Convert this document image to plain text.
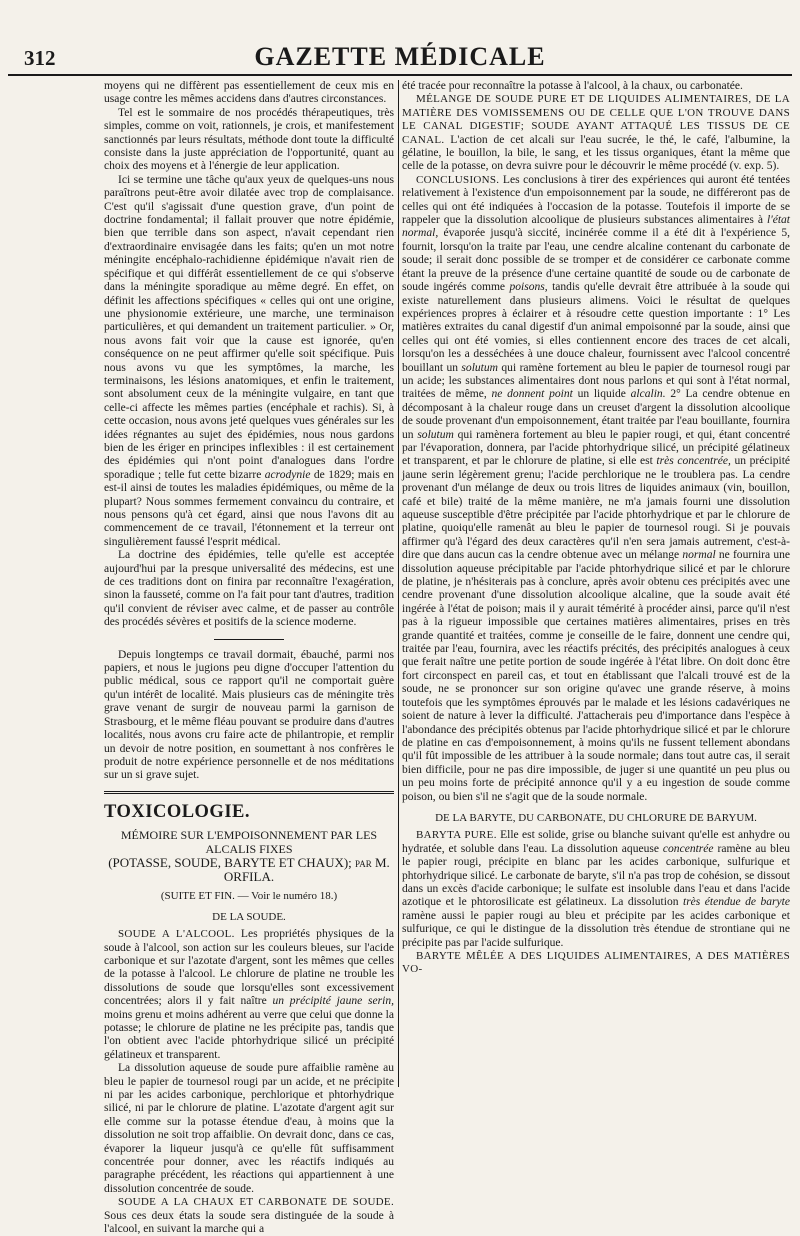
312	GAZETTE MÉDICALE

moyens qui ne diffèrent pas essentiellement de ceux mis en usage contre les mêmes accidens dans d'autres circonstances.

Tel est le sommaire de nos procédés thérapeutiques, très simples, comme on voit, rationnels, je crois, et manifestement sanctionnés par leurs résultats, méthode dont toute la difficulté consiste dans la juste appréciation de l'opportunité, quant au choix des moyens et à l'énergie de leur application.

Ici se termine une tâche qu'aux yeux de quelques-uns nous paraîtrons peut-être avoir dilatée avec trop de complaisance. C'est qu'il s'agissait d'une question grave, d'un point de doctrine fondamental; il fallait prouver que notre épidémie, bien que terrible dans son aspect, n'avait cependant rien d'extraordinaire envisagée dans les faits; qu'en un mot notre méningite encéphalo-rachidienne épidémique n'avait rien de spécifique et qui différât essentiellement de ce qui s'observe dans la méningite sporadique au même degré. En effet, on définit les affections spécifiques « celles qui ont une origine, une physionomie extérieure, une marche, une terminaison particulières, et qui demandent un traitement particulier. » Or, nous avons fait voir que la cause est ignorée, qu'en conséquence on ne peut affirmer qu'elle soit spécifique. Puis nous avons vu que les symptômes, la marche, les terminaisons, les lésions anatomiques, et enfin le traitement, sont absolument ceux de la méningite vulgaire, en tant que celle-ci affecte les mêmes parties (encéphale et rachis). Si, à cette occasion, nous avons jeté quelques vues générales sur les idées régnantes au sujet des épidémies, nous nous gardons bien de les ériger en principes inflexibles : il est certainement des épidémies qui n'ont point d'analogues dans l'ordre sporadique ; telle fut cette bizarre acrodynie de 1829; mais en est-il ainsi de toutes les maladies épidémiques, ou même de la plupart? Nous sommes fermement convaincu du contraire, et nous pensons qu'à cet égard, ainsi que nous l'avons dit au commencement de ce travail, l'étonnement et la terreur ont singulièrement faussé l'esprit médical.

La doctrine des épidémies, telle qu'elle est acceptée aujourd'hui par la presque universalité des médecins, est une de ces traditions dont on finira par reconnaître l'exagération, sinon la fausseté, comme on l'a fait pour tant d'autres, tradition qu'il convient de réviser avec calme, et de passer au contrôle des procédés sévères et positifs de la science moderne.

Depuis longtemps ce travail dormait, ébauché, parmi nos papiers, et nous le jugions peu digne d'occuper l'attention du public médical, sous ce rapport qu'il ne comportait guère qu'un intérêt de localité. Mais plusieurs cas de méningite très grave venant de surgir de nouveau parmi la garnison de Strasbourg, et le même fléau pouvant se produire dans d'autres localités, nous avons cru faire acte de philantropie, et remplir un devoir de notre position, en soumettant à nos confrères le produit de notre expérience personnelle et de nos méditations sur un si grave sujet.

TOXICOLOGIE.
MÉMOIRE SUR L'EMPOISONNEMENT PAR LES ALCALIS FIXES
(POTASSE, SOUDE, BARYTE ET CHAUX); par M. ORFILA.
(SUITE ET FIN. — Voir le numéro 18.)
DE LA SOUDE.

SOUDE A L'ALCOOL. Les propriétés physiques de la soude à l'alcool, son action sur les couleurs bleues, sur l'acide carbonique et sur l'azotate d'argent, sont les mêmes que celles de la potasse à l'alcool. Le chlorure de platine ne trouble les dissolutions de soude que lorsqu'elles sont excessivement concentrées; alors il y fait naître un précipité jaune serin, moins grenu et moins adhérent au verre que celui que donne la potasse; le chlorure de platine ne les précipite pas, tandis que l'on obtient avec l'acide phtorhydrique silicé un précipité gélatineux et transparent.

La dissolution aqueuse de soude pure affaiblie ramène au bleu le papier de tournesol rougi par un acide, et ne précipite ni par les acides carbonique, perchlorique et phtorhydrique silicé, ni par le chlorure de platine. L'azotate d'argent agit sur elle comme sur la potasse étendue d'eau, à moins que la dissolution ne soit trop affaiblie. On devrait donc, dans ce cas, évaporer la liqueur jusqu'à ce qu'elle fût suffisamment concentrée pour donner, avec les réactifs indiqués au paragraphe précédent, les réactions qui appartiennent à une dissolution concentrée de soude.

SOUDE A LA CHAUX ET CARBONATE DE SOUDE. Sous ces deux états la soude sera distinguée de la soude à l'alcool, en suivant la marche qui a

été tracée pour reconnaître la potasse à l'alcool, à la chaux, ou carbonatée.

MÉLANGE DE SOUDE PURE ET DE LIQUIDES ALIMENTAIRES, DE LA MATIÈRE DES VOMISSEMENS OU DE CELLE QUE L'ON TROUVE DANS LE CANAL DIGESTIF; SOUDE AYANT ATTAQUÉ LES TISSUS DE CE CANAL. L'action de cet alcali sur l'eau sucrée, le thé, le café, l'albumine, la gélatine, le bouillon, la bile, le sang, et les tissus organiques, étant la même que celle de la potasse, on devra suivre pour le découvrir le même procédé (v. exp. 5).

CONCLUSIONS. Les conclusions à tirer des expériences qui auront été tentées relativement à l'existence d'un empoisonnement par la soude, ne différeront pas de celles qui ont été indiquées à l'occasion de la potasse. Toutefois il importe de se rappeler que la dissolution alcoolique de plusieurs substances alimentaires à l'état normal, évaporée jusqu'à siccité, incinérée comme il a été dit à l'expérience 5, fournit, lorsqu'on la traite par l'eau, une cendre alcaline contenant du carbonate de soude; il serait donc possible de se tromper et de considérer ce carbonate comme étant la preuve de la présence d'une certaine quantité de soude ou de carbonate de soude ingérés comme poisons, tandis qu'elle devrait être attribuée à la soude qui existe naturellement dans plusieurs alimens. Voici le résultat de quelques expériences propres à éclairer et à résoudre cette question importante : 1° Les matières extraites du canal digestif d'un animal empoisonné par la soude, ainsi que celles qui ont été vomies, si elles contiennent encore des traces de cet alcali, lorsqu'on les a desséchées à une douce chaleur, fournissent avec l'alcool concentré bouillant un solutum qui ramène fortement au bleu le papier de tournesol rougi par un acide; les substances alimentaires dont nous parlons et qui sont à l'état normal, traitées de même, ne donnent point un liquide alcalin. 2° La cendre obtenue en décomposant à la chaleur rouge dans un creuset d'argent la dissolution alcoolique de soude provenant d'un empoisonnement, étant traitée par l'eau bouillante, fournira un solutum qui ramènera fortement au bleu le papier rougi, et qui, étant concentré par l'évaporation, donnera, par l'acide phtorhydrique silicé, un précipité gélatineux et transparent, et par le chlorure de platine, si elle est très concentrée, un précipité jaune serin légèrement grenu; l'acide perchlorique ne le troublera pas. La cendre provenant d'un mélange de deux ou trois litres de liquides animaux (vin, bouillon, café et bile) traité de la même manière, ne m'a jamais fourni une dissolution aqueuse susceptible d'être précipitée par l'acide phtorhydrique et par le chlorure de platine, quoiqu'elle ramenât au bleu le papier de tournesol rougi. Si je pouvais affirmer qu'à l'égard des deux caractères qu'il n'en sera jamais autrement, c'est-à-dire que dans aucun cas la cendre obtenue avec un mélange normal ne fournira une dissolution aqueuse précipitable par l'acide phtorhydrique silicé et par le chlorure de platine, je n'hésiterais pas à conclure, après avoir obtenu ces précipités avec une cendre provenant d'une dissolution alcoolique alcaline, que la soude avait été ingérée à l'état de poison; mais il y aurait témérité à procéder ainsi, parce qu'il n'est pas à la rigueur impossible que certaines matières alimentaires, prises en très grande quantité et traitées, comme je conseille de le faire, donnent une cendre qui, traitée par l'eau, fournira, avec les réactifs précités, des précipités analogues à ceux que ferait naître une petite portion de soude ingérée à l'état libre. On doit donc être fort circonspect en pareil cas, et tout en établissant que l'alcali trouvé est de la soude, ne se prononcer sur son origine qu'avec une grande réserve, à moins toutefois que les symptômes éprouvés par le malade et les lésions cadavériques ne soient de nature à lever la difficulté. J'attacherais peu d'importance dans l'espèce à l'abondance des précipités obtenus par l'acide phtorhydrique silicé et par le chlorure de platine en cas d'empoisonnement, à moins qu'ils ne fussent tellement abondans qu'il fût impossible de les attribuer à la soude normale; dans tout autre cas, il serait bien difficile, pour ne pas dire impossible, de juger si une quantité un peu plus ou un peu moins forte de précipité annonce qu'il y a eu ingestion de soude comme poison, ou bien s'il ne s'agit que de la soude normale.

DE LA BARYTE, DU CARBONATE, DU CHLORURE DE BARYUM.

BARYTA PURE. Elle est solide, grise ou blanche suivant qu'elle est anhydre ou hydratée, et soluble dans l'eau. La dissolution aqueuse concentrée ramène au bleu le papier rougi, précipite en blanc par les acides carbonique, sulfurique et phtorhydrique silicé. Le carbonate de baryte, s'il n'a pas trop de cohésion, se dissout dans un excès d'acide carbonique; le sulfate est insoluble dans l'eau et dans l'acide azotique et le phtorosilicate est gélatineux. La dissolution très étendue de baryte ramène aussi le papier rougi au bleu et précipite par les acides carbonique et sulfurique, ce qui le distingue de la dissolution très étendue de strontiane qui ne précipite pas par l'acide sulfurique.

BARYTE MÊLÉE A DES LIQUIDES ALIMENTAIRES, A DES MATIÈRES VO-
